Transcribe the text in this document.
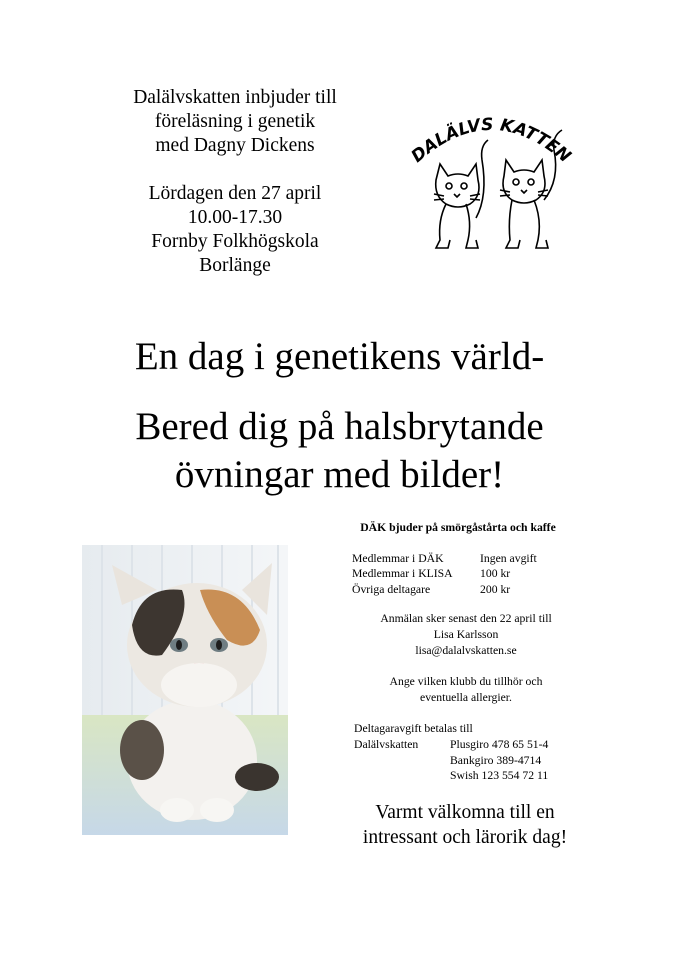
Dalälvskatten inbjuder till

föreläsning i genetik

med Dagny Dickens

Lördagen den 27 april

10.00-17.30

Fornby Folkhögskola

Borlänge

DALÄLVS KATTEN
En dag i genetikens värld-
Bered dig på halsbrytande
övningar med bilder!
DÄK bjuder på smörgåstårta och kaffe
Medlemmar i DÄK	Ingen avgift
Medlemmar i KLISA	100 kr
Övriga deltagare	200 kr
Anmälan sker senast den 22 april till
Lisa Karlsson
lisa@dalalvskatten.se
Ange vilken klubb du tillhör och
eventuella allergier.
Deltagaravgift betalas till
Dalälvskatten	Plusgiro 478 65 51-4
Bankgiro 389-4714
Swish 123 554 72 11
Varmt välkomna till en
intressant och lärorik dag!
